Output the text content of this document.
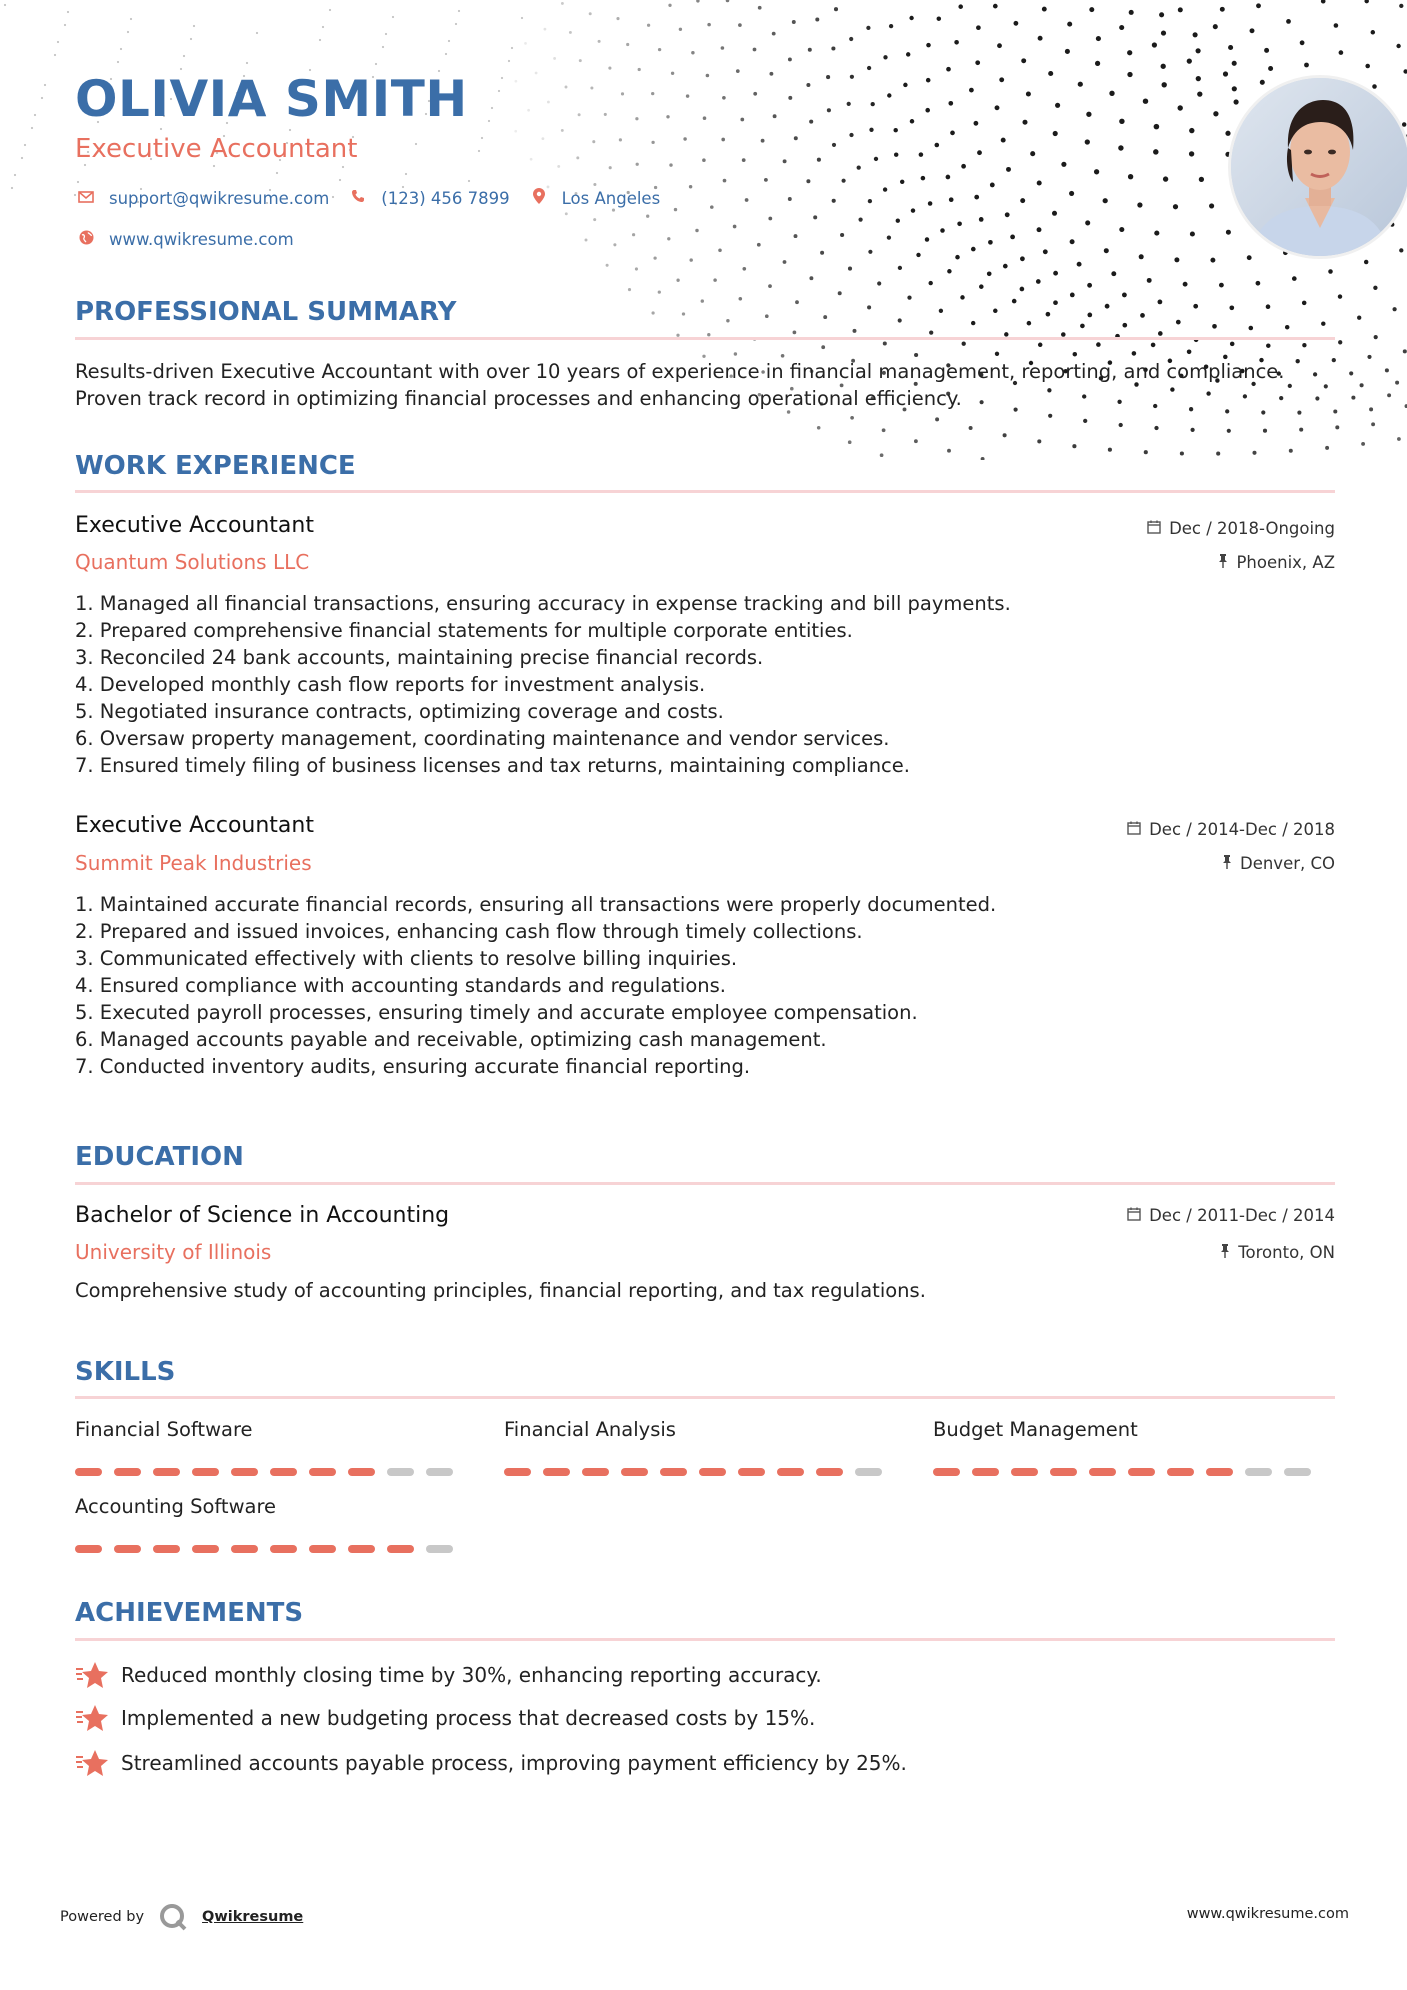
OLIVIA SMITH
Executive Accountant
support@qwikresume.com	(123) 456 7899	Los Angeles
www.qwikresume.com
PROFESSIONAL SUMMARY
Results-driven Executive Accountant with over 10 years of experience in financial management, reporting, and compliance. Proven track record in optimizing financial processes and enhancing operational efficiency.
WORK EXPERIENCE
Executive Accountant	Dec / 2018-Ongoing
Quantum Solutions LLC	Phoenix, AZ
1. Managed all financial transactions, ensuring accuracy in expense tracking and bill payments.
2. Prepared comprehensive financial statements for multiple corporate entities.
3. Reconciled 24 bank accounts, maintaining precise financial records.
4. Developed monthly cash flow reports for investment analysis.
5. Negotiated insurance contracts, optimizing coverage and costs.
6. Oversaw property management, coordinating maintenance and vendor services.
7. Ensured timely filing of business licenses and tax returns, maintaining compliance.
Executive Accountant	Dec / 2014-Dec / 2018
Summit Peak Industries	Denver, CO
1. Maintained accurate financial records, ensuring all transactions were properly documented.
2. Prepared and issued invoices, enhancing cash flow through timely collections.
3. Communicated effectively with clients to resolve billing inquiries.
4. Ensured compliance with accounting standards and regulations.
5. Executed payroll processes, ensuring timely and accurate employee compensation.
6. Managed accounts payable and receivable, optimizing cash management.
7. Conducted inventory audits, ensuring accurate financial reporting.
EDUCATION
Bachelor of Science in Accounting	Dec / 2011-Dec / 2014
University of Illinois	Toronto, ON
Comprehensive study of accounting principles, financial reporting, and tax regulations.
SKILLS
Financial Software	Financial Analysis	Budget Management
Accounting Software
ACHIEVEMENTS
Reduced monthly closing time by 30%, enhancing reporting accuracy.
Implemented a new budgeting process that decreased costs by 15%.
Streamlined accounts payable process, improving payment efficiency by 25%.
Powered by	Qwikresume	www.qwikresume.com
